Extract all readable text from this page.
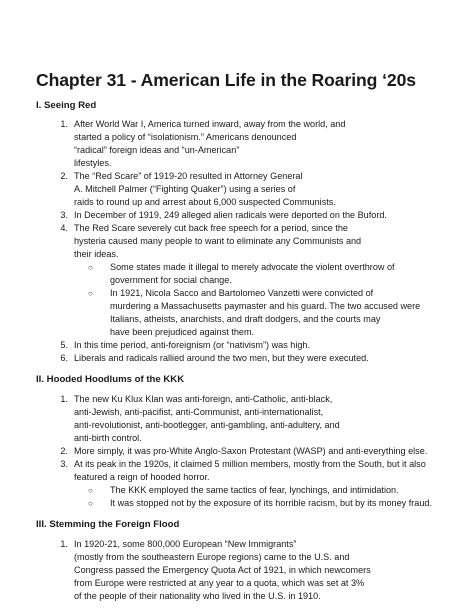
Chapter 31 - American Life in the Roaring ‘20s
I. Seeing Red
1. After World War I, America turned inward, away from the world, and
started a policy of “isolationism.” Americans denounced
“radical” foreign ideas and “un-American”
lifestyles.
2. The “Red Scare” of 1919-20 resulted in Attorney General
A. Mitchell Palmer (“Fighting Quaker”) using a series of
raids to round up and arrest about 6,000 suspected Communists.
3. In December of 1919, 249 alleged alien radicals were deported on the Buford.
4. The Red Scare severely cut back free speech for a period, since the
hysteria caused many people to want to eliminate any Communists and
their ideas.
○	Some states made it illegal to merely advocate the violent overthrow of
government for social change.
○	In 1921, Nicola Sacco and Bartolomeo Vanzetti were convicted of
murdering a Massachusetts paymaster and his guard. The two accused were
Italians, atheists, anarchists, and draft dodgers, and the courts may
have been prejudiced against them.
5. In this time period, anti-foreignism (or “nativism”) was high.
6. Liberals and radicals rallied around the two men, but they were executed.
II. Hooded Hoodlums of the KKK
1. The new Ku Klux Klan was anti-foreign, anti-Catholic, anti-black,
anti-Jewish, anti-pacifist, anti-Communist, anti-internationalist,
anti-revolutionist, anti-bootlegger, anti-gambling, anti-adultery, and
anti-birth control.
2. More simply, it was pro-White Anglo-Saxon Protestant (WASP) and anti-everything else.
3. At its peak in the 1920s, it claimed 5 million members, mostly from the South, but it also
featured a reign of hooded horror.
○	The KKK employed the same tactics of fear, lynchings, and intimidation.
○	It was stopped not by the exposure of its horrible racism, but by its money fraud.
III. Stemming the Foreign Flood
1. In 1920-21, some 800,000 European “New Immigrants”
(mostly from the southeastern Europe regions) came to the U.S. and
Congress passed the Emergency Quota Act of 1921, in which newcomers
from Europe were restricted at any year to a quota, which was set at 3%
of the people of their nationality who lived in the U.S. in 1910.
